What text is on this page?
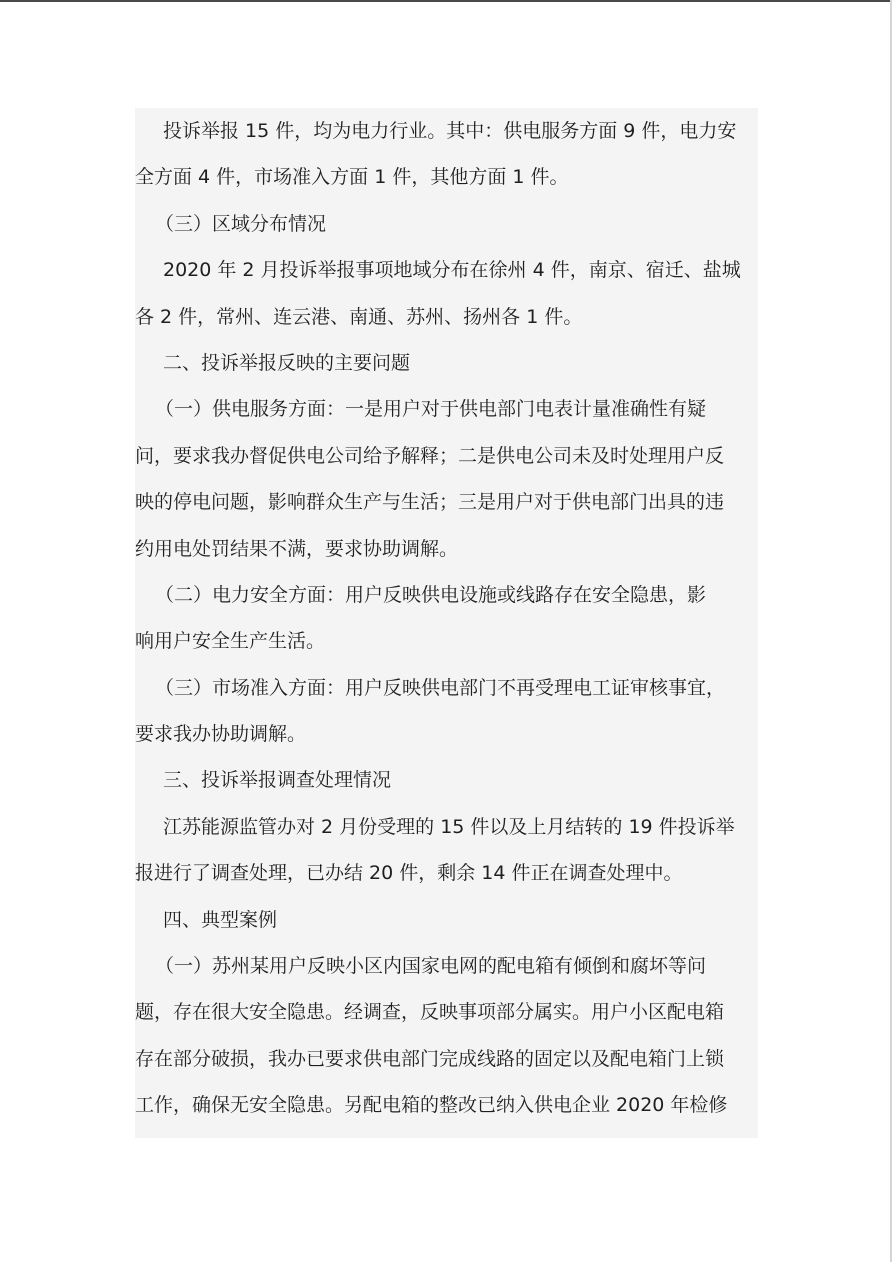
投诉举报 15 件，均为电力行业。其中：供电服务方面 9 件，电力安
全方面 4 件，市场准入方面 1 件，其他方面 1 件。
（三）区域分布情况
2020 年 2 月投诉举报事项地域分布在徐州 4 件，南京、宿迁、盐城
各 2 件，常州、连云港、南通、苏州、扬州各 1 件。
二、投诉举报反映的主要问题
（一）供电服务方面：一是用户对于供电部门电表计量准确性有疑
问，要求我办督促供电公司给予解释；二是供电公司未及时处理用户反
映的停电问题，影响群众生产与生活；三是用户对于供电部门出具的违
约用电处罚结果不满，要求协助调解。
（二）电力安全方面：用户反映供电设施或线路存在安全隐患，影
响用户安全生产生活。
（三）市场准入方面：用户反映供电部门不再受理电工证审核事宜，
要求我办协助调解。
三、投诉举报调查处理情况
江苏能源监管办对 2 月份受理的 15 件以及上月结转的 19 件投诉举
报进行了调查处理，已办结 20 件，剩余 14 件正在调查处理中。
四、典型案例
（一）苏州某用户反映小区内国家电网的配电箱有倾倒和腐坏等问
题，存在很大安全隐患。经调查，反映事项部分属实。用户小区配电箱
存在部分破损，我办已要求供电部门完成线路的固定以及配电箱门上锁
工作，确保无安全隐患。另配电箱的整改已纳入供电企业 2020 年检修
